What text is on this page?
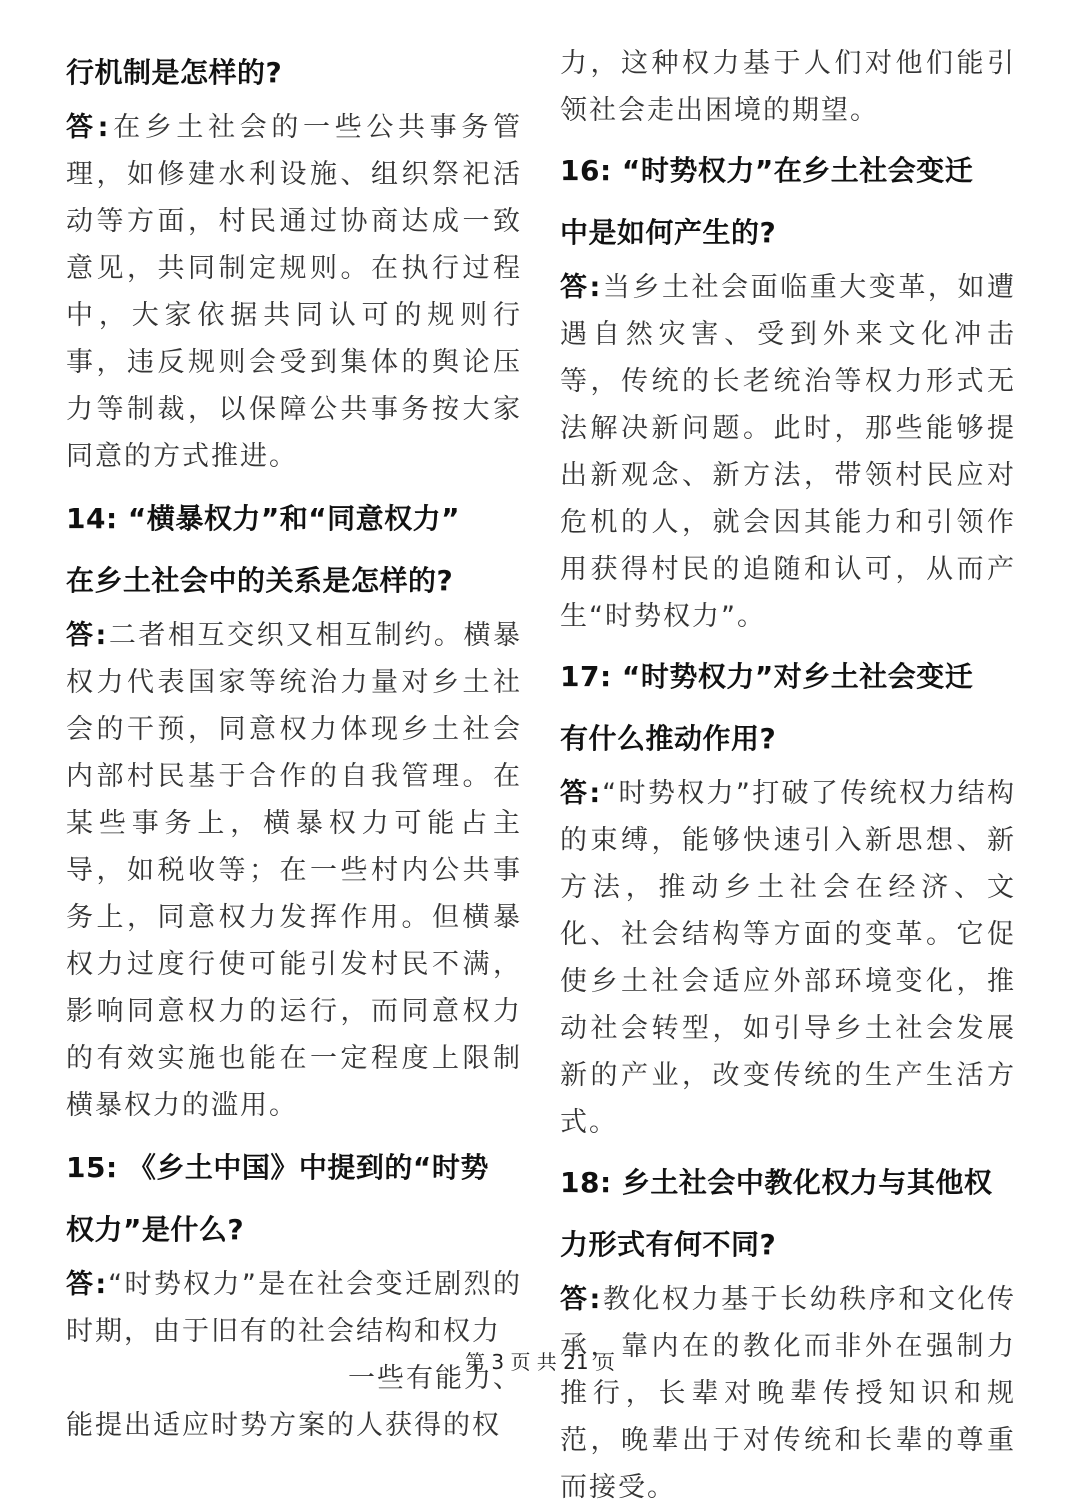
行机制是怎样的?

答:在乡土社会的一些公共事务管理，如修建水利设施、组织祭祀活动等方面，村民通过协商达成一致意见，共同制定规则。在执行过程中，大家依据共同认可的规则行事，违反规则会受到集体的舆论压力等制裁，以保障公共事务按大家同意的方式推进。

14: “横暴权力”和“同意权力”

在乡土社会中的关系是怎样的?

答:二者相互交织又相互制约。横暴权力代表国家等统治力量对乡土社会的干预，同意权力体现乡土社会内部村民基于合作的自我管理。在某些事务上，横暴权力可能占主导，如税收等；在一些村内公共事务上，同意权力发挥作用。但横暴权力过度行使可能引发村民不满，影响同意权力的运行，而同意权力的有效实施也能在一定程度上限制横暴权力的滥用。

15: 《乡土中国》中提到的“时势

权力”是什么?

答:“时势权力”是在社会变迁剧烈的时期，由于旧有的社会结构和权力

一些有能力、

能提出适应时势方案的人获得的权

力，这种权力基于人们对他们能引领社会走出困境的期望。

16: “时势权力”在乡土社会变迁

中是如何产生的?

答:当乡土社会面临重大变革，如遭遇自然灾害、受到外来文化冲击等，传统的长老统治等权力形式无法解决新问题。此时，那些能够提出新观念、新方法，带领村民应对危机的人，就会因其能力和引领作用获得村民的追随和认可，从而产生“时势权力”。

17: “时势权力”对乡土社会变迁

有什么推动作用?

答:“时势权力”打破了传统权力结构的束缚，能够快速引入新思想、新方法，推动乡土社会在经济、文化、社会结构等方面的变革。它促使乡土社会适应外部环境变化，推动社会转型，如引导乡土社会发展新的产业，改变传统的生产生活方式。

18: 乡土社会中教化权力与其他权

力形式有何不同?

答:教化权力基于长幼秩序和文化传承，靠内在的教化而非外在强制力推行，长辈对晚辈传授知识和规范，晚辈出于对传统和长辈的尊重而接受。

第 3 页 共 21 页
